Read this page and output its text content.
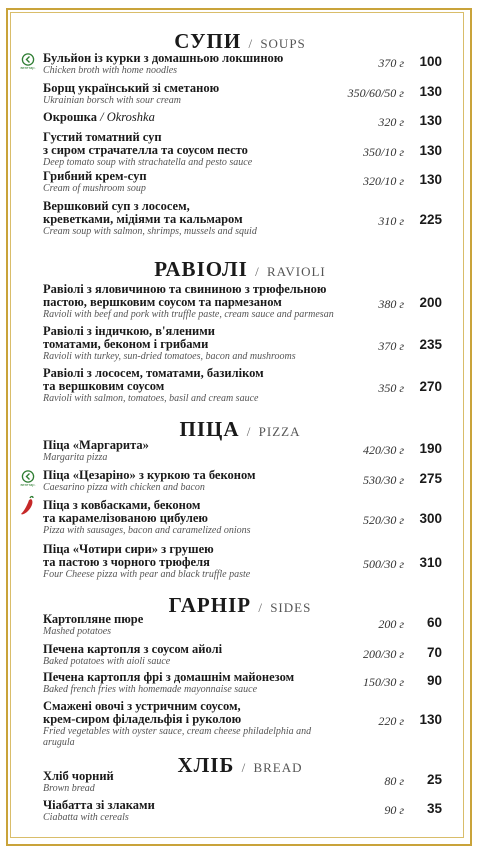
СУПИ / SOUPS
Бульйон із курки з домашньою локшиною
Chicken broth with home noodles
370 г	100
вегетар.
Борщ український зі сметаною
Ukrainian borsch with sour cream
350/60/50 г	130
Окрошка / Okroshka	320 г	130
Густий томатний суп
з сиром страчателла та соусом песто
Deep tomato soup with strachatella and pesto sauce
350/10 г	130
Грибний крем-суп
Cream of mushroom soup
320/10 г	130
Вершковий суп з лососем,
креветками, мідіями та кальмаром
Cream soup with salmon, shrimps, mussels and squid
310 г	225
РАВІОЛІ / RAVIOLI
Равіолі з яловичиною та свининою з трюфельною
пастою, вершковим соусом та пармезаном
Ravioli with beef and pork with truffle paste, cream sauce and parmesan
380 г	200
Равіолі з індичкою, в'яленими
томатами, беконом і грибами
Ravioli with turkey, sun-dried tomatoes, bacon and mushrooms
370 г	235
Равіолі з лососем, томатами, базиліком
та вершковим соусом
Ravioli with salmon, tomatoes, basil and cream sauce
350 г	270
ПІЦА / PIZZA
Піца «Маргарита»
Margarita pizza
420/30 г	190
Піца «Цезаріно» з куркою та беконом
Caesarino pizza with chicken and bacon
530/30 г	275
вегетар.
Піца з ковбасками, беконом
та карамелізованою цибулею
Pizza with sausages, bacon and caramelized onions
520/30 г	300
Піца «Чотири сири» з грушею
та пастою з чорного трюфеля
Four Cheese pizza with pear and black truffle paste
500/30 г	310
ГАРНІР / SIDES
Картопляне пюре
Mashed potatoes
200 г	60
Печена картопля з соусом айолі
Baked potatoes with aioli sauce
200/30 г	70
Печена картопля фрі з домашнім майонезом
Baked french fries with homemade mayonnaise sauce
150/30 г	90
Смажені овочі з устричним соусом,
крем-сиром філадельфія і руколою
Fried vegetables with oyster sauce, cream cheese philadelphia and arugula
220 г	130
ХЛІБ / BREAD
Хліб чорний
Brown bread
80 г	25
Чіабатта зі злаками
Ciabatta with cereals
90 г	35
